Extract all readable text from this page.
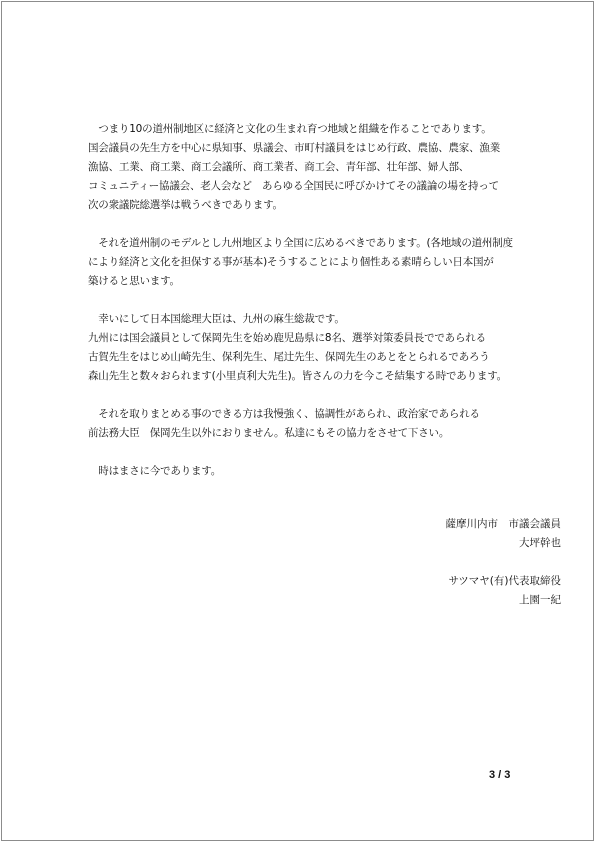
　つまり10の道州制地区に経済と文化の生まれ育つ地域と組織を作ることであります。
国会議員の先生方を中心に県知事、県議会、市町村議員をはじめ行政、農協、農家、漁業
漁協、工業、商工業、商工会議所、商工業者、商工会、青年部、壮年部、婦人部、
コミュニティー協議会、老人会など　あらゆる全国民に呼びかけてその議論の場を持って
次の衆議院総選挙は戦うべきであります。
　それを道州制のモデルとし九州地区より全国に広めるべきであります。(各地域の道州制度
により経済と文化を担保する事が基本)そうすることにより個性ある素晴らしい日本国が
築けると思います。
　幸いにして日本国総理大臣は、九州の麻生総裁です。
九州には国会議員として保岡先生を始め鹿児島県に8名、選挙対策委員長でであられる
古賀先生をはじめ山崎先生、保利先生、尾辻先生、保岡先生のあとをとられるであろう
森山先生と数々おられます(小里貞利大先生)。皆さんの力を今こそ結集する時であります。
　それを取りまとめる事のできる方は我慢強く、協調性があられ、政治家であられる
前法務大臣　保岡先生以外におりません。私達にもその協力をさせて下さい。
　時はまさに今であります。
薩摩川内市　市議会議員
大坪幹也
サツマヤ(有)代表取締役
上園一紀
3 / 3
